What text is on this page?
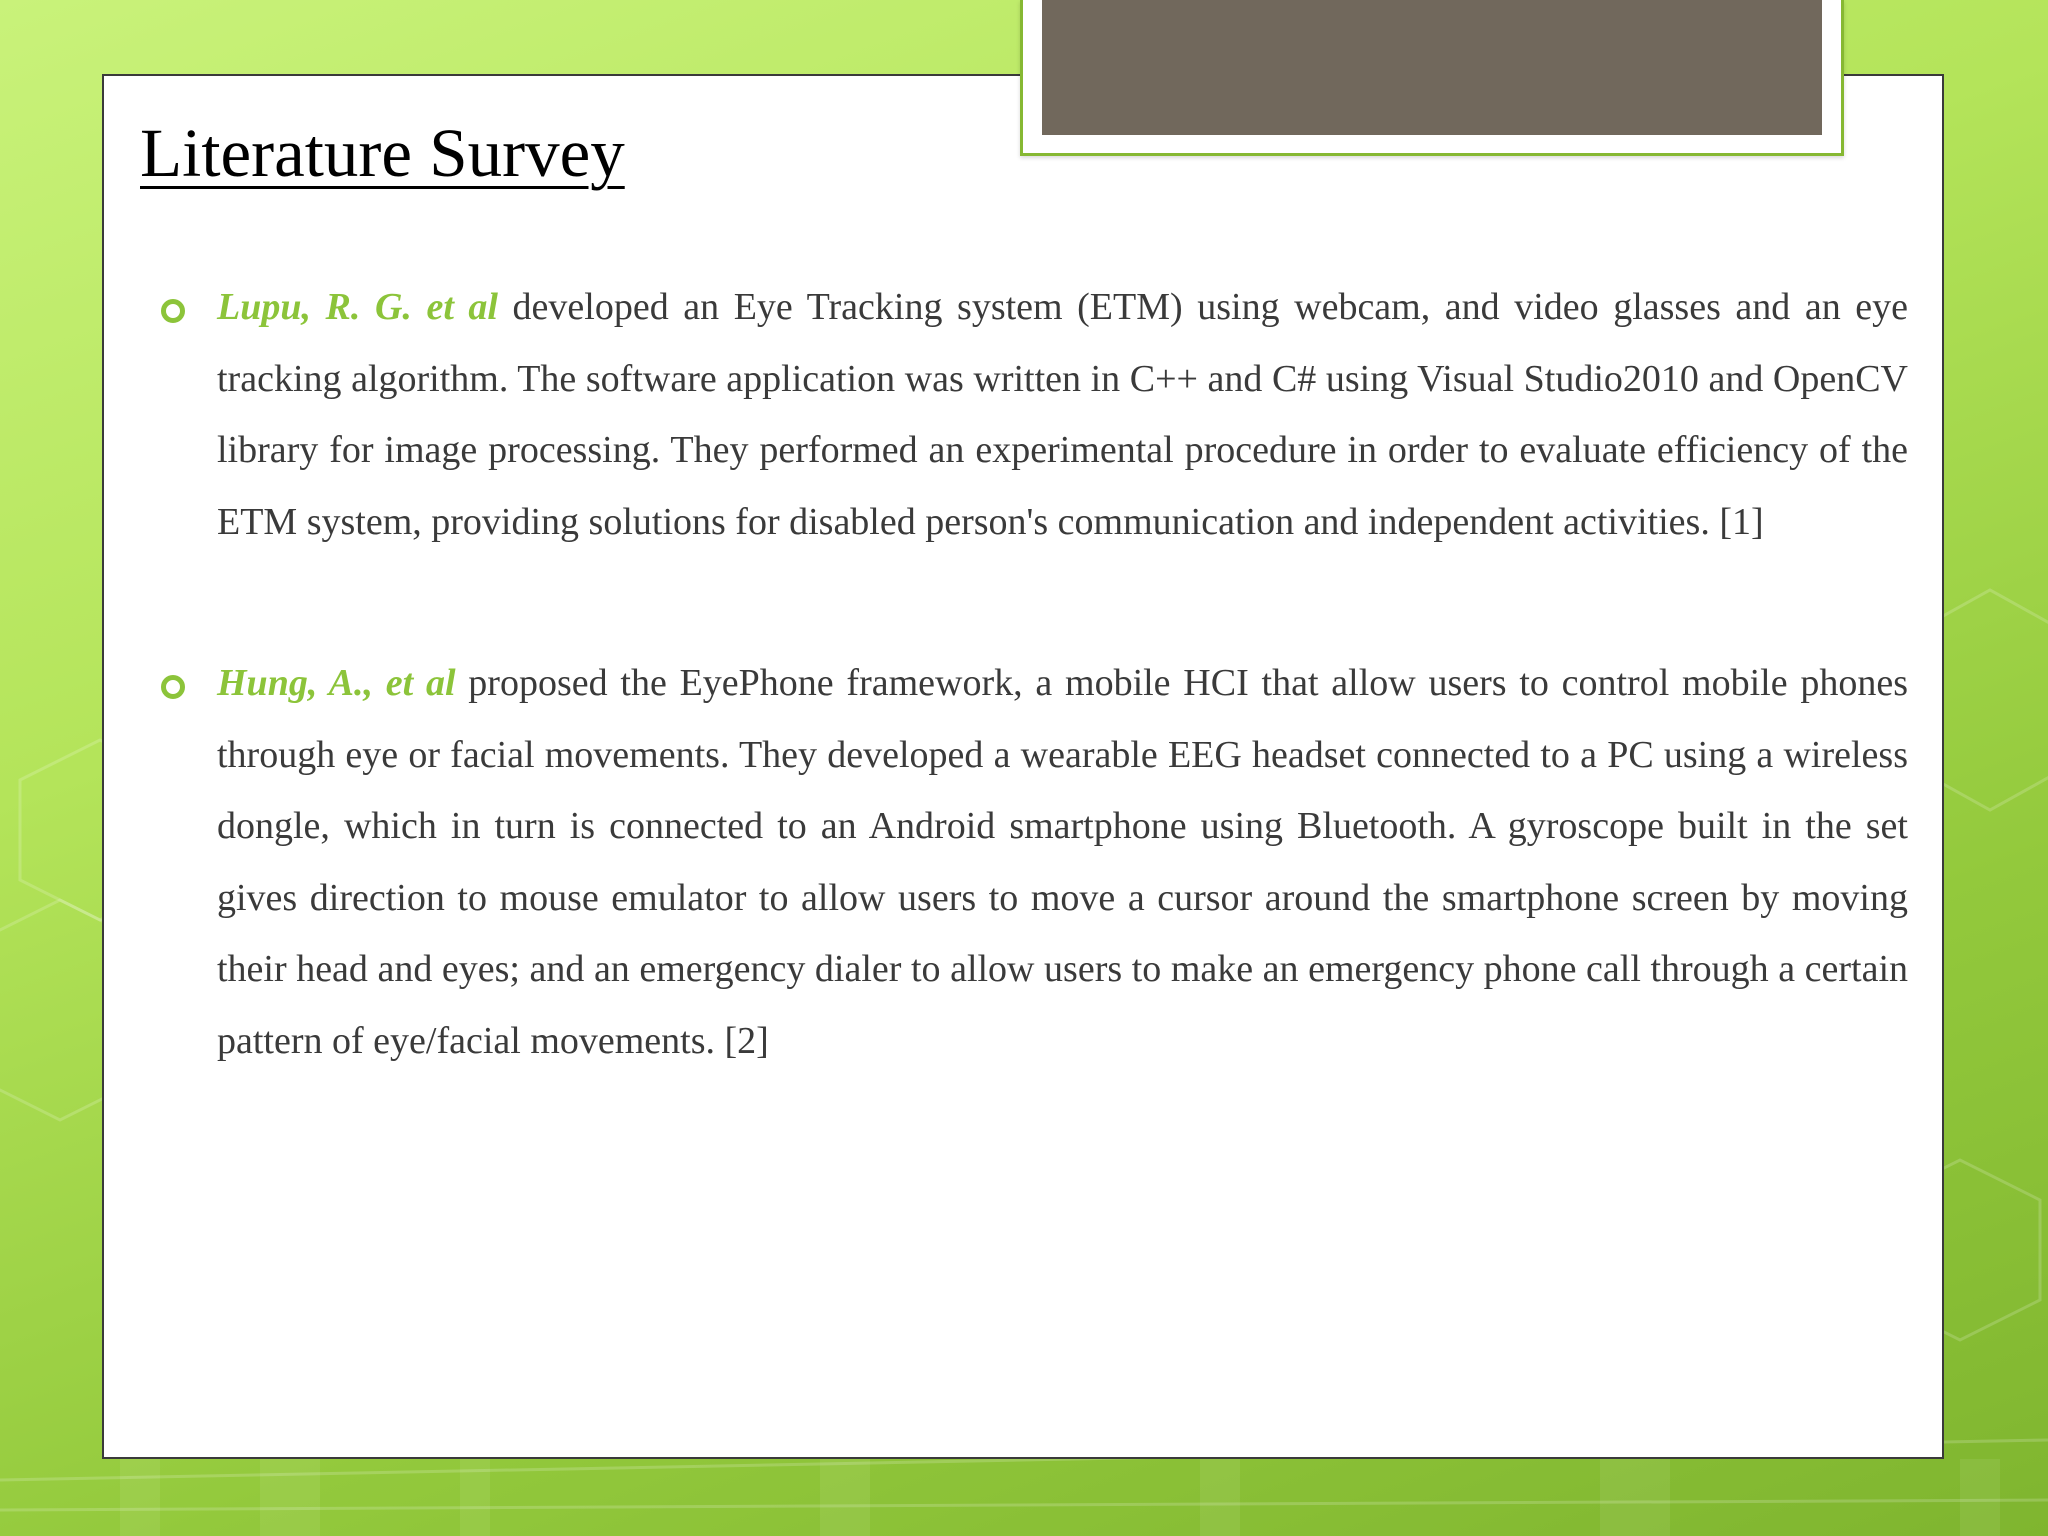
Literature Survey

Lupu, R. G. et al developed an Eye Tracking system (ETM) using webcam, and video glasses and an eye tracking algorithm. The software application was written in C++ and C# using Visual Studio2010 and OpenCV library for image processing. They performed an experimental procedure in order to evaluate efficiency of the ETM system, providing solutions for disabled person's communication and independent activities. [1]

Hung, A., et al proposed the EyePhone framework, a mobile HCI that allow users to control mobile phones through eye or facial movements. They developed a wearable EEG headset connected to a PC using a wireless dongle, which in turn is connected to an Android smartphone using Bluetooth. A gyroscope built in the set gives direction to mouse emulator to allow users to move a cursor around the smartphone screen by moving their head and eyes; and an emergency dialer to allow users to make an emergency phone call through a certain pattern of eye/facial movements. [2]
